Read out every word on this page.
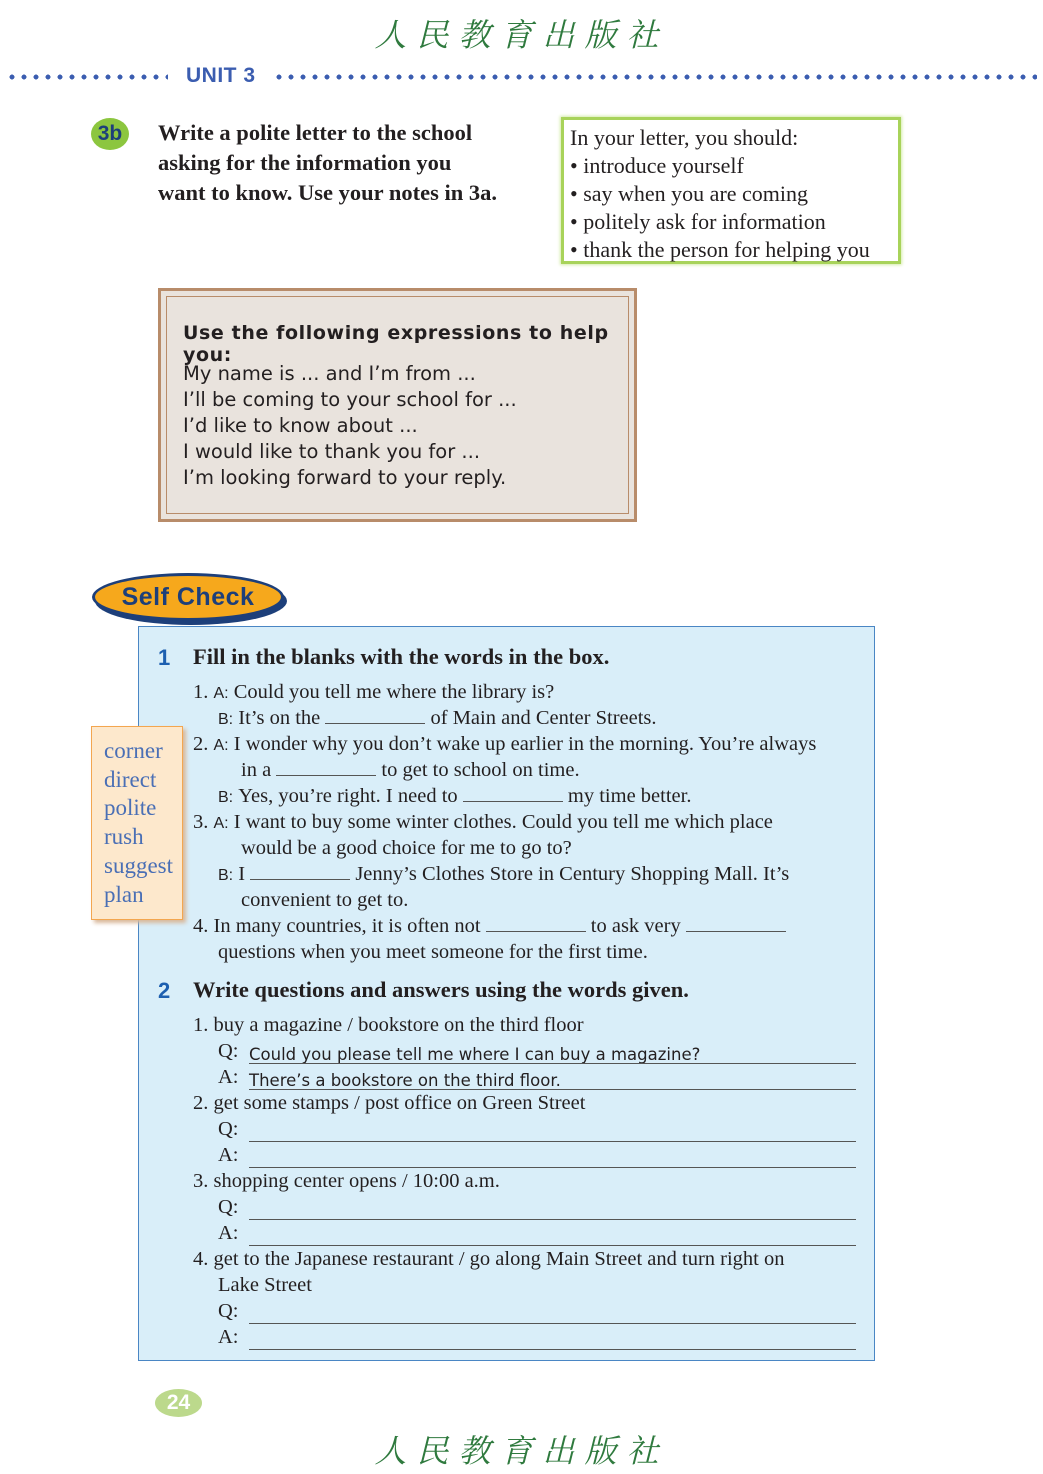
人民教育出版社
UNIT 3
3b	Write a polite letter to the school
asking for the information you
want to know. Use your notes in 3a.
In your letter, you should:
• introduce yourself
• say when you are coming
• politely ask for information
• thank the person for helping you
Use the following expressions to help you:
My name is ... and I’m from ...
I’ll be coming to your school for ...
I’d like to know about ...
I would like to thank you for ...
I’m looking forward to your reply.
Self Check
corner
direct
polite
rush
suggest
plan
1 Fill in the blanks with the words in the box.
1. A: Could you tell me where the library is?
B: It’s on the	of Main and Center Streets.
2. A: I wonder why you don’t wake up earlier in the morning. You’re always
in a	to get to school on time.
B: Yes, you’re right. I need to	my time better.
3. A: I want to buy some winter clothes. Could you tell me which place
would be a good choice for me to go to?
B: I	Jenny’s Clothes Store in Century Shopping Mall. It’s
convenient to get to.
4. In many countries, it is often not	to ask very
questions when you meet someone for the first time.
2 Write questions and answers using the words given.
1. buy a magazine / bookstore on the third floor
Q: Could you please tell me where I can buy a magazine?
A: There’s a bookstore on the third floor.
2. get some stamps / post office on Green Street
Q:
A:
3. shopping center opens / 10:00 a.m.
Q:
A:
4. get to the Japanese restaurant / go along Main Street and turn right on
Lake Street
Q:
A:
24
人民教育出版社
